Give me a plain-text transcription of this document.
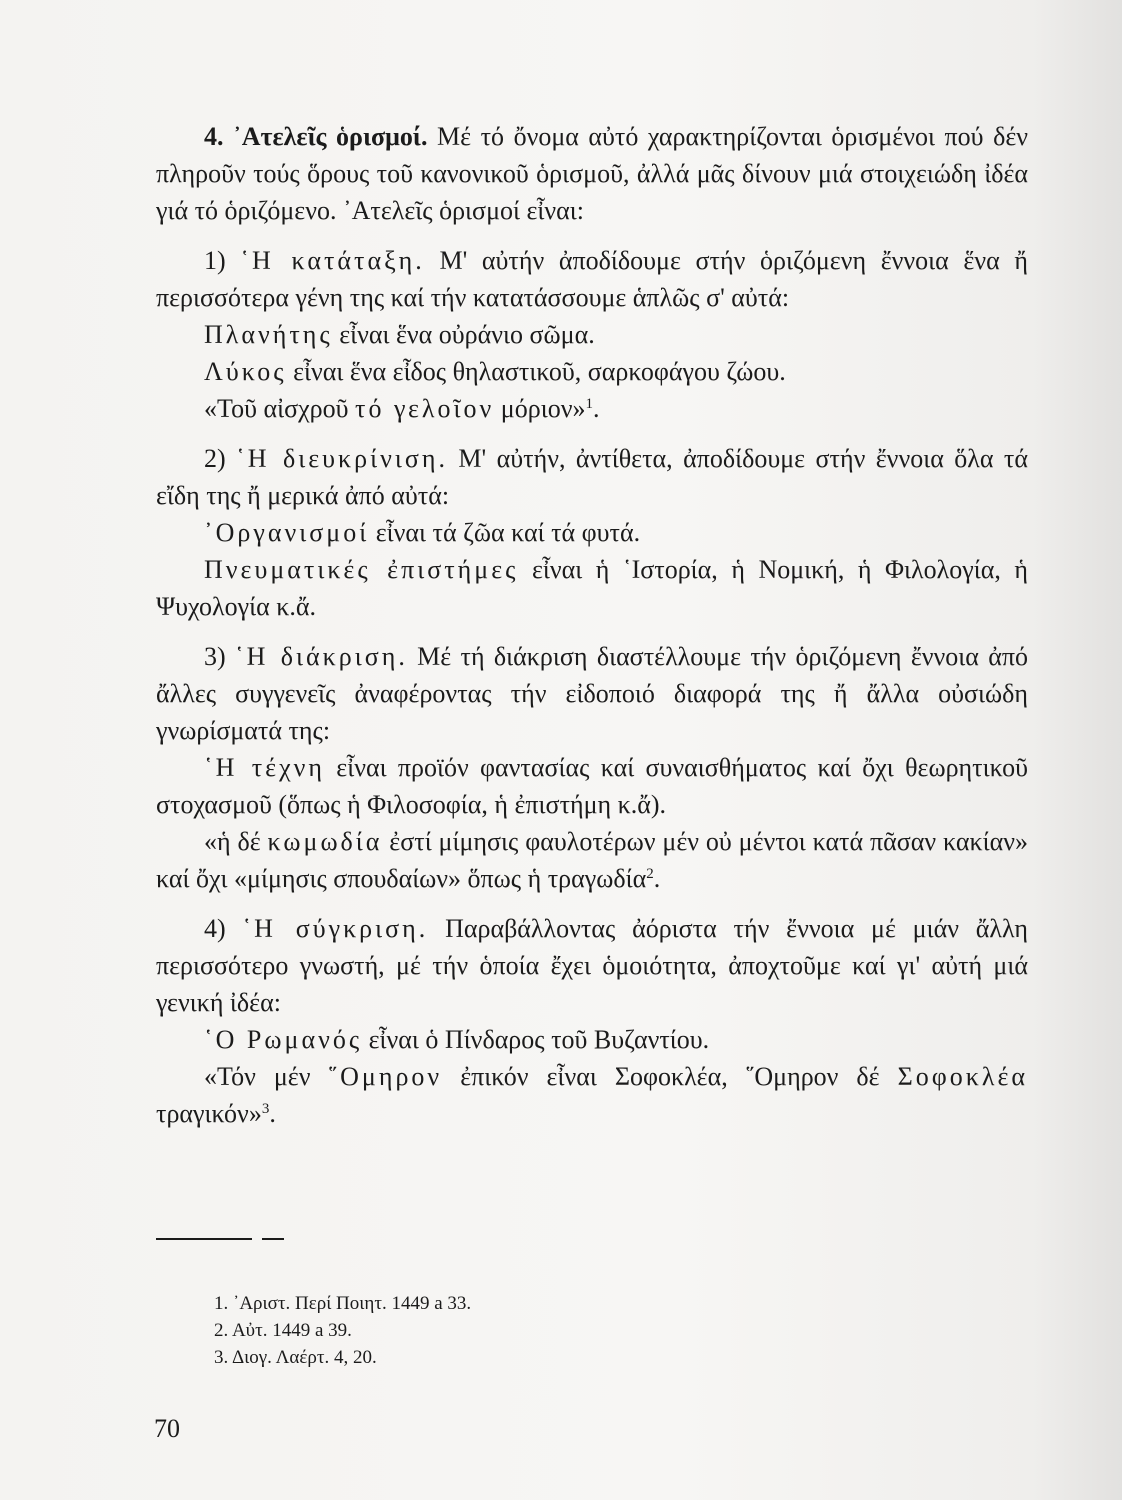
4. ᾿Ατελεῖς ὁρισμοί. Μέ τό ὄνομα αὐτό χαρακτηρίζονται ὁρισμένοι πού δέν πληροῦν τούς ὅρους τοῦ κανονικοῦ ὁρισμοῦ, ἀλλά μᾶς δίνουν μιά στοιχειώδη ἰδέα γιά τό ὁριζόμενο. ᾿Ατελεῖς ὁρισμοί εἶναι:

1) ῾Η κατάταξη. Μ' αὐτήν ἀποδίδουμε στήν ὁριζόμενη ἔννοια ἕνα ἤ περισσότερα γένη της καί τήν κατατάσσουμε ἁπλῶς σ' αὐτά:

Πλανήτης εἶναι ἕνα οὐράνιο σῶμα.

Λύκος εἶναι ἕνα εἶδος θηλαστικοῦ, σαρκοφάγου ζώου.

«Τοῦ αἰσχροῦ τό γελοῖον μόριον»$^1$.

2) ῾Η διευκρίνιση. Μ' αὐτήν, ἀντίθετα, ἀποδίδουμε στήν ἔννοια ὅλα τά εἴδη της ἤ μερικά ἀπό αὐτά:

᾿Οργανισμοί εἶναι τά ζῶα καί τά φυτά.

Πνευματικές ἐπιστήμες εἶναι ἡ ῾Ιστορία, ἡ Νομική, ἡ Φιλολογία, ἡ Ψυχολογία κ.ἄ.

3) ῾Η διάκριση. Μέ τή διάκριση διαστέλλουμε τήν ὁριζόμενη ἔννοια ἀπό ἄλλες συγγενεῖς ἀναφέροντας τήν εἰδοποιό διαφορά της ἤ ἄλλα οὐσιώδη γνωρίσματά της:

῾Η τέχνη εἶναι προϊόν φαντασίας καί συναισθήματος καί ὄχι θεωρητικοῦ στοχασμοῦ (ὅπως ἡ Φιλοσοφία, ἡ ἐπιστήμη κ.ἄ).

«ἡ δέ κωμωδία ἐστί μίμησις φαυλοτέρων μέν οὐ μέντοι κατά πᾶσαν κακίαν» καί ὄχι «μίμησις σπουδαίων» ὅπως ἡ τραγωδία$^2$.

4) ῾Η σύγκριση. Παραβάλλοντας ἀόριστα τήν ἔννοια μέ μιάν ἄλλη περισσότερο γνωστή, μέ τήν ὁποία ἔχει ὁμοιότητα, ἀποχτοῦμε καί γι' αὐτή μιά γενική ἰδέα:

῾Ο Ρωμανός εἶναι ὁ Πίνδαρος τοῦ Βυζαντίου.

«Τόν μέν ῞Ομηρον ἐπικόν εἶναι Σοφοκλέα, ῞Ομηρον δέ Σοφοκλέα τραγικόν»$^3$.

1. ᾿Αριστ. Περί Ποιητ. 1449 a 33.
2. Αὐτ. 1449 a 39.
3. Διογ. Λαέρτ. 4, 20.
70
